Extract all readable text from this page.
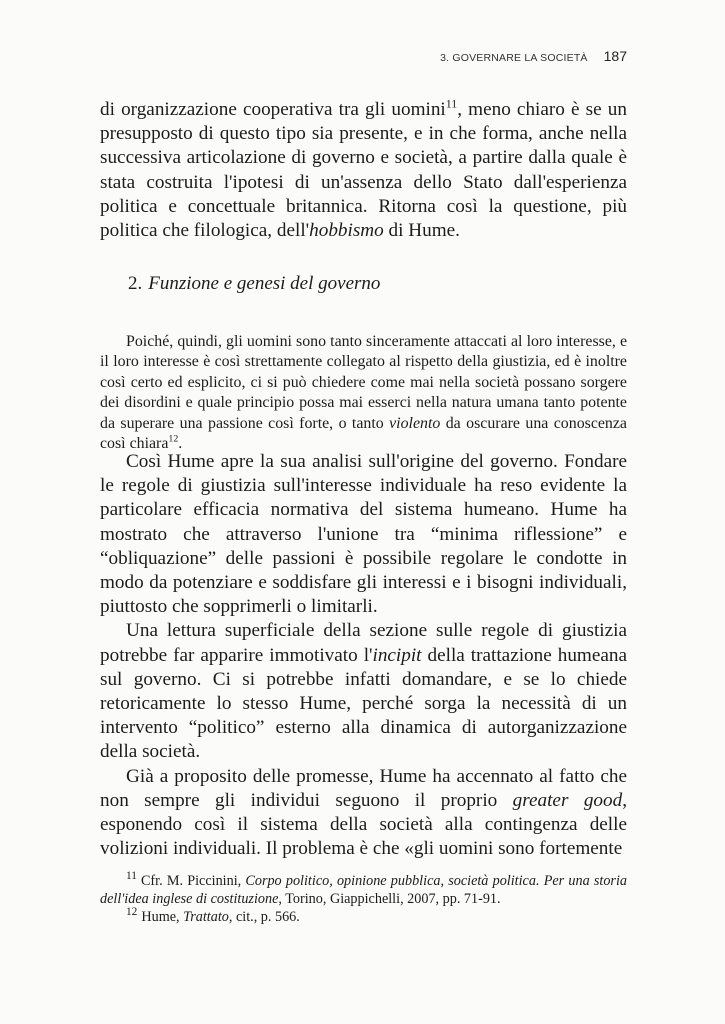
3. GOVERNARE LA SOCIETÀ 187

di organizzazione cooperativa tra gli uomini$^{11}$, meno chiaro è se un presupposto di questo tipo sia presente, e in che forma, anche nella successiva articolazione di governo e società, a partire dalla quale è stata costruita l'ipotesi di un'assenza dello Stato dall'esperienza politica e concettuale britannica. Ritorna così la questione, più politica che filologica, dell'hobbismo di Hume.

2. Funzione e genesi del governo

Poiché, quindi, gli uomini sono tanto sinceramente attaccati al loro interesse, e il loro interesse è così strettamente collegato al rispetto della giustizia, ed è inoltre così certo ed esplicito, ci si può chiedere come mai nella società possano sorgere dei disordini e quale principio possa mai esserci nella natura umana tanto potente da superare una passione così forte, o tanto violento da oscurare una conoscenza così chiara$^{12}$.

Così Hume apre la sua analisi sull'origine del governo. Fondare le regole di giustizia sull'interesse individuale ha reso evidente la particolare efficacia normativa del sistema humeano. Hume ha mostrato che attraverso l'unione tra “minima riflessione” e “obliquazione” delle passioni è possibile regolare le condotte in modo da potenziare e soddisfare gli interessi e i bisogni individuali, piuttosto che sopprimerli o limitarli.

Una lettura superficiale della sezione sulle regole di giustizia potrebbe far apparire immotivato l'incipit della trattazione humeana sul governo. Ci si potrebbe infatti domandare, e se lo chiede retoricamente lo stesso Hume, perché sorga la necessità di un intervento “politico” esterno alla dinamica di autorganizzazione della società.

Già a proposito delle promesse, Hume ha accennato al fatto che non sempre gli individui seguono il proprio greater good, esponendo così il sistema della società alla contingenza delle volizioni individuali. Il problema è che «gli uomini sono fortemente

$^{11}$ Cfr. M. Piccinini, Corpo politico, opinione pubblica, società politica. Per una storia dell'idea inglese di costituzione, Torino, Giappichelli, 2007, pp. 71-91.

$^{12}$ Hume, Trattato, cit., p. 566.
